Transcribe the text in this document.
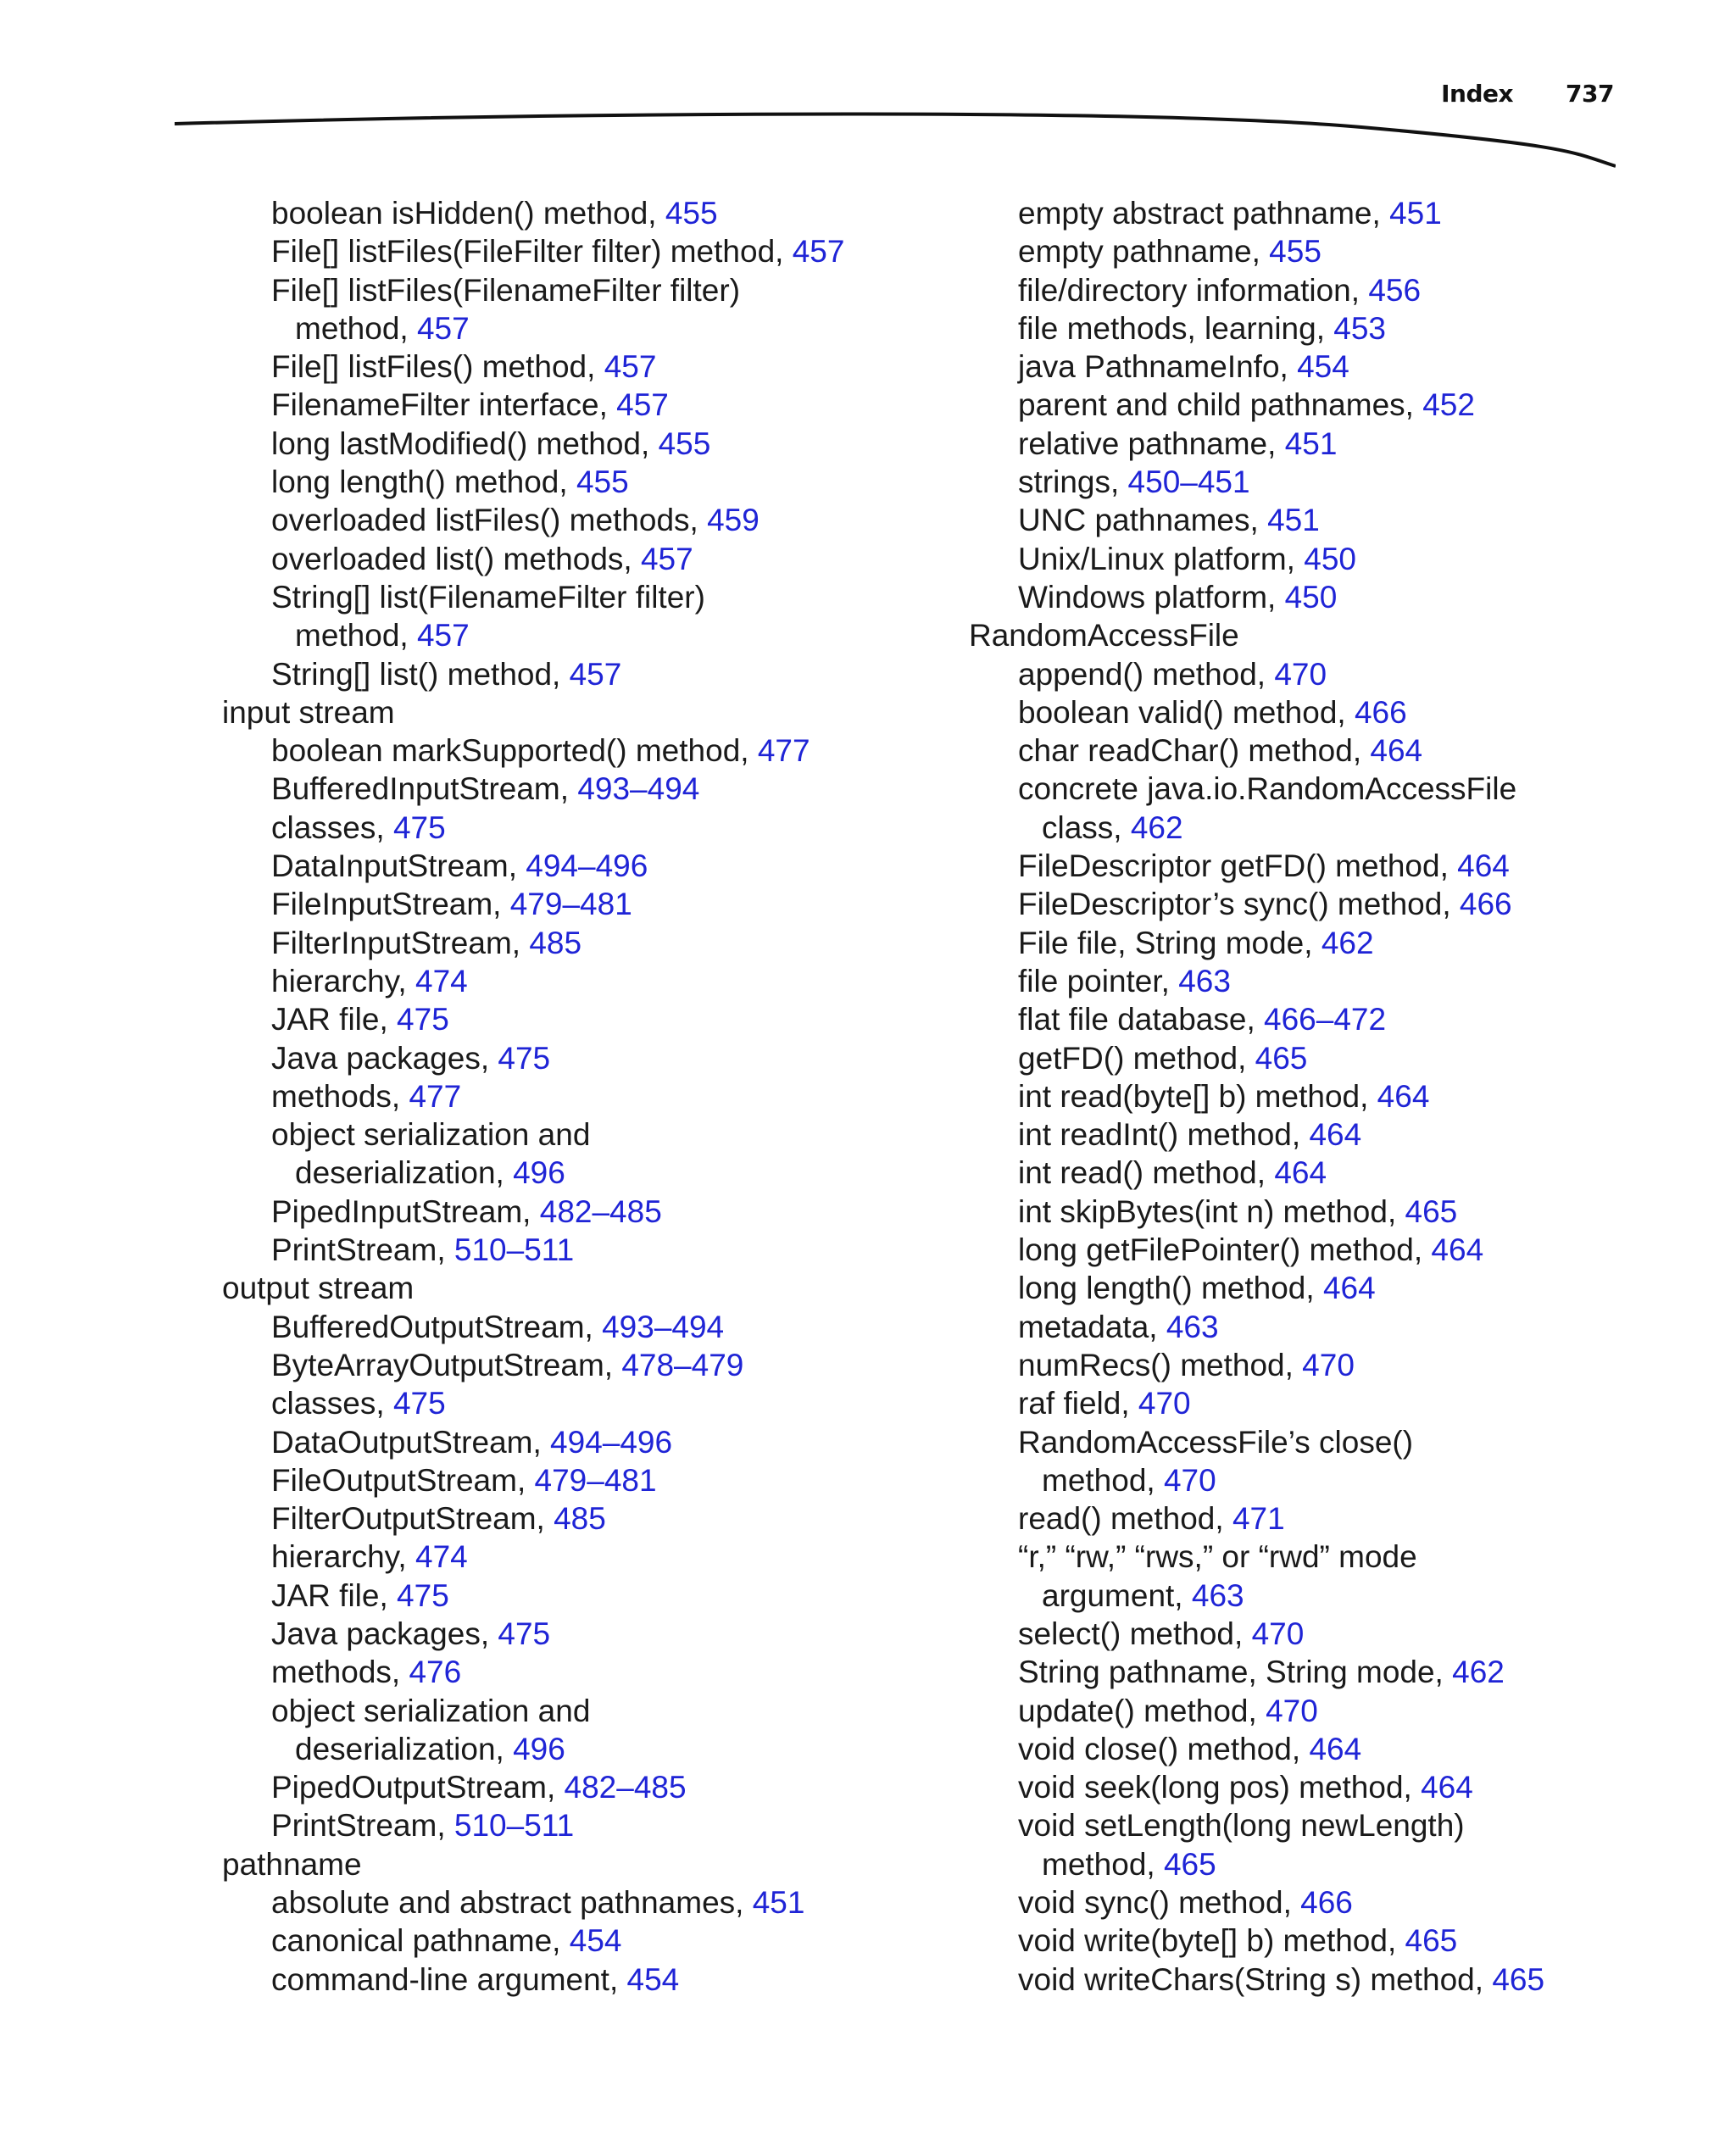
Index 737
boolean isHidden() method, 455
File[] listFiles(FileFilter filter) method, 457
File[] listFiles(FilenameFilter filter)
method, 457
File[] listFiles() method, 457
FilenameFilter interface, 457
long lastModified() method, 455
long length() method, 455
overloaded listFiles() methods, 459
overloaded list() methods, 457
String[] list(FilenameFilter filter)
method, 457
String[] list() method, 457
input stream
boolean markSupported() method, 477
BufferedInputStream, 493–494
classes, 475
DataInputStream, 494–496
FileInputStream, 479–481
FilterInputStream, 485
hierarchy, 474
JAR file, 475
Java packages, 475
methods, 477
object serialization and
deserialization, 496
PipedInputStream, 482–485
PrintStream, 510–511
output stream
BufferedOutputStream, 493–494
ByteArrayOutputStream, 478–479
classes, 475
DataOutputStream, 494–496
FileOutputStream, 479–481
FilterOutputStream, 485
hierarchy, 474
JAR file, 475
Java packages, 475
methods, 476
object serialization and
deserialization, 496
PipedOutputStream, 482–485
PrintStream, 510–511
pathname
absolute and abstract pathnames, 451
canonical pathname, 454
command-line argument, 454
empty abstract pathname, 451
empty pathname, 455
file/directory information, 456
file methods, learning, 453
java PathnameInfo, 454
parent and child pathnames, 452
relative pathname, 451
strings, 450–451
UNC pathnames, 451
Unix/Linux platform, 450
Windows platform, 450
RandomAccessFile
append() method, 470
boolean valid() method, 466
char readChar() method, 464
concrete java.io.RandomAccessFile
class, 462
FileDescriptor getFD() method, 464
FileDescriptor’s sync() method, 466
File file, String mode, 462
file pointer, 463
flat file database, 466–472
getFD() method, 465
int read(byte[] b) method, 464
int readInt() method, 464
int read() method, 464
int skipBytes(int n) method, 465
long getFilePointer() method, 464
long length() method, 464
metadata, 463
numRecs() method, 470
raf field, 470
RandomAccessFile’s close()
method, 470
read() method, 471
“r,” “rw,” “rws,” or “rwd” mode
argument, 463
select() method, 470
String pathname, String mode, 462
update() method, 470
void close() method, 464
void seek(long pos) method, 464
void setLength(long newLength)
method, 465
void sync() method, 466
void write(byte[] b) method, 465
void writeChars(String s) method, 465
